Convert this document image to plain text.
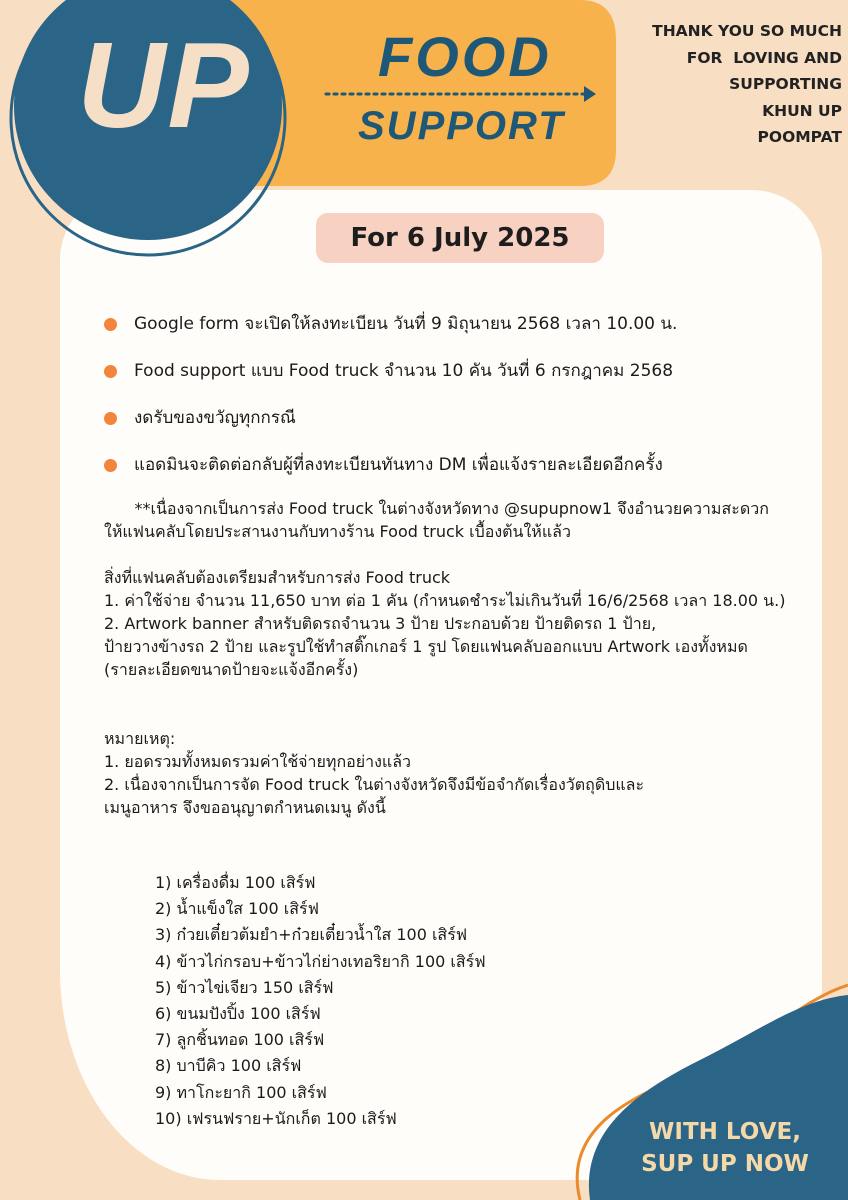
UP	FOOD
SUPPORT
THANK YOU SO MUCH
FOR  LOVING AND
SUPPORTING
KHUN UP
POOMPAT
For 6 July 2025
Google form จะเปิดให้ลงทะเบียน วันที่ 9 มิถุนายน 2568 เวลา 10.00 น.
Food support แบบ Food truck จำนวน 10 คัน วันที่ 6 กรกฎาคม 2568
งดรับของขวัญทุกกรณี
แอดมินจะติดต่อกลับผู้ที่ลงทะเบียนทันทาง DM เพื่อแจ้งรายละเอียดอีกครั้ง
**เนื่องจากเป็นการส่ง Food truck ในต่างจังหวัดทาง @supupnow1 จึงอำนวยความสะดวก
ให้แฟนคลับโดยประสานงานกับทางร้าน Food truck เบื้องต้นให้แล้ว
สิ่งที่แฟนคลับต้องเตรียมสำหรับการส่ง Food truck
1. ค่าใช้จ่าย จำนวน 11,650 บาท ต่อ 1 คัน (กำหนดชำระไม่เกินวันที่ 16/6/2568 เวลา 18.00 น.)
2. Artwork banner สำหรับติดรถจำนวน 3 ป้าย ประกอบด้วย ป้ายติดรถ 1 ป้าย,
ป้ายวางข้างรถ 2 ป้าย และรูปใช้ทำสติ๊กเกอร์ 1 รูป โดยแฟนคลับออกแบบ Artwork เองทั้งหมด
(รายละเอียดขนาดป้ายจะแจ้งอีกครั้ง)
หมายเหตุ:
1. ยอดรวมทั้งหมดรวมค่าใช้จ่ายทุกอย่างแล้ว
2. เนื่องจากเป็นการจัด Food truck ในต่างจังหวัดจึงมีข้อจำกัดเรื่องวัตถุดิบและ
เมนูอาหาร จึงขออนุญาตกำหนดเมนู ดังนี้
1) เครื่องดื่ม 100 เสิร์ฟ
2) น้ำแข็งใส 100 เสิร์ฟ
3) ก๋วยเตี๋ยวต้มยำ+ก๋วยเตี๋ยวน้ำใส 100 เสิร์ฟ
4) ข้าวไก่กรอบ+ข้าวไก่ย่างเทอริยากิ 100 เสิร์ฟ
5) ข้าวไข่เจียว 150 เสิร์ฟ
6) ขนมปังปิ้ง 100 เสิร์ฟ
7) ลูกชิ้นทอด 100 เสิร์ฟ
8) บาบีคิว 100 เสิร์ฟ
9) ทาโกะยากิ 100 เสิร์ฟ
10) เฟรนฟราย+นักเก็ต 100 เสิร์ฟ
WITH LOVE,
SUP UP NOW
